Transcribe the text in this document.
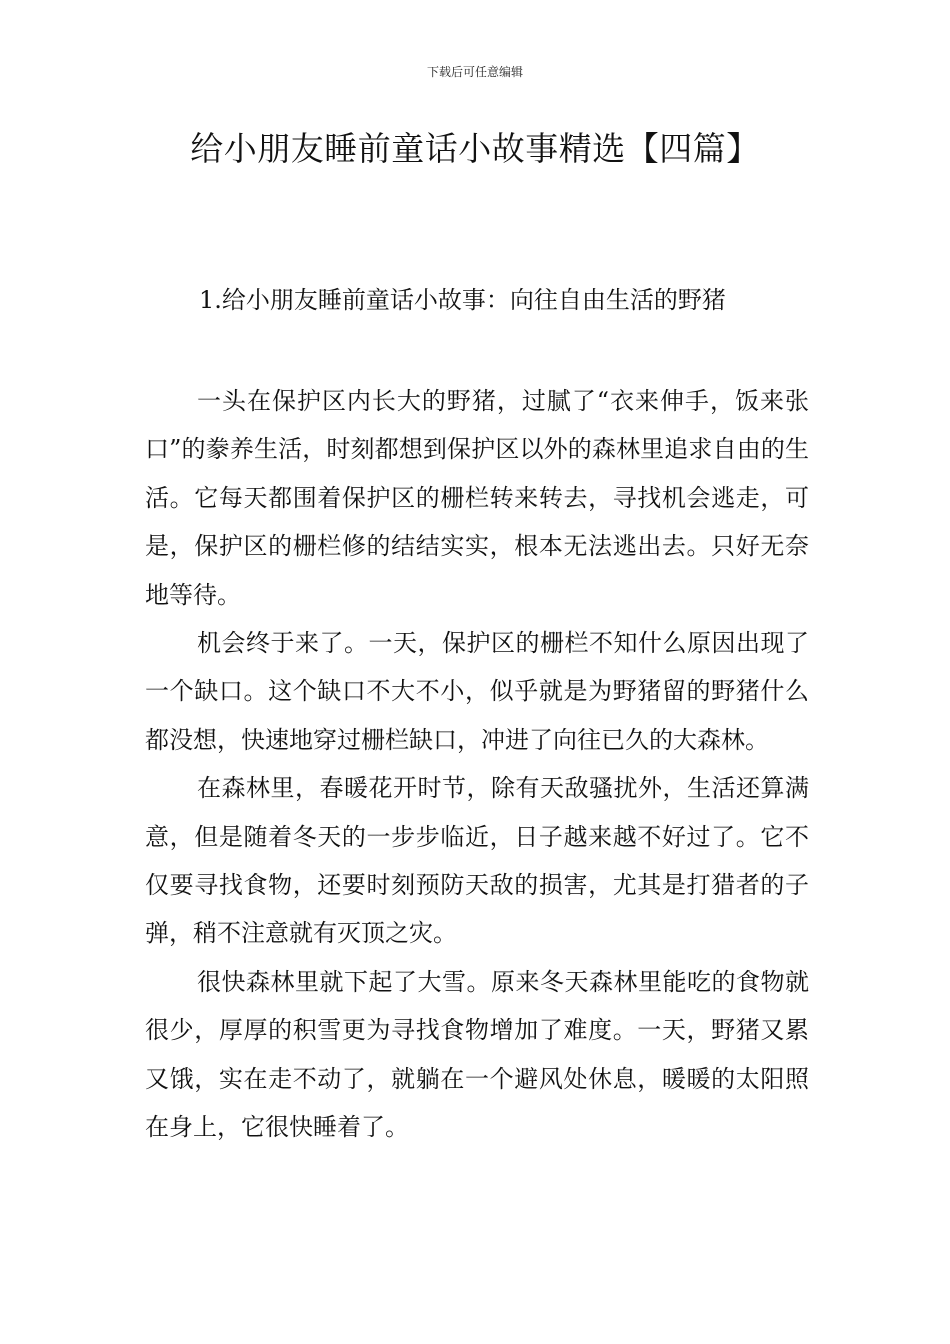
下载后可任意编辑
给小朋友睡前童话小故事精选【四篇】
1.给小朋友睡前童话小故事：向往自由生活的野猪

一头在保护区内长大的野猪，过腻了“衣来伸手，饭来张口”的豢养生活，时刻都想到保护区以外的森林里追求自由的生活。它每天都围着保护区的栅栏转来转去，寻找机会逃走，可是，保护区的栅栏修的结结实实，根本无法逃出去。只好无奈地等待。

机会终于来了。一天，保护区的栅栏不知什么原因出现了一个缺口。这个缺口不大不小，似乎就是为野猪留的野猪什么都没想，快速地穿过栅栏缺口，冲进了向往已久的大森林。

在森林里，春暖花开时节，除有天敌骚扰外，生活还算满意，但是随着冬天的一步步临近，日子越来越不好过了。它不仅要寻找食物，还要时刻预防天敌的损害，尤其是打猎者的子弹，稍不注意就有灭顶之灾。

很快森林里就下起了大雪。原来冬天森林里能吃的食物就很少，厚厚的积雪更为寻找食物增加了难度。一天，野猪又累又饿，实在走不动了，就躺在一个避风处休息，暖暖的太阳照在身上，它很快睡着了。
